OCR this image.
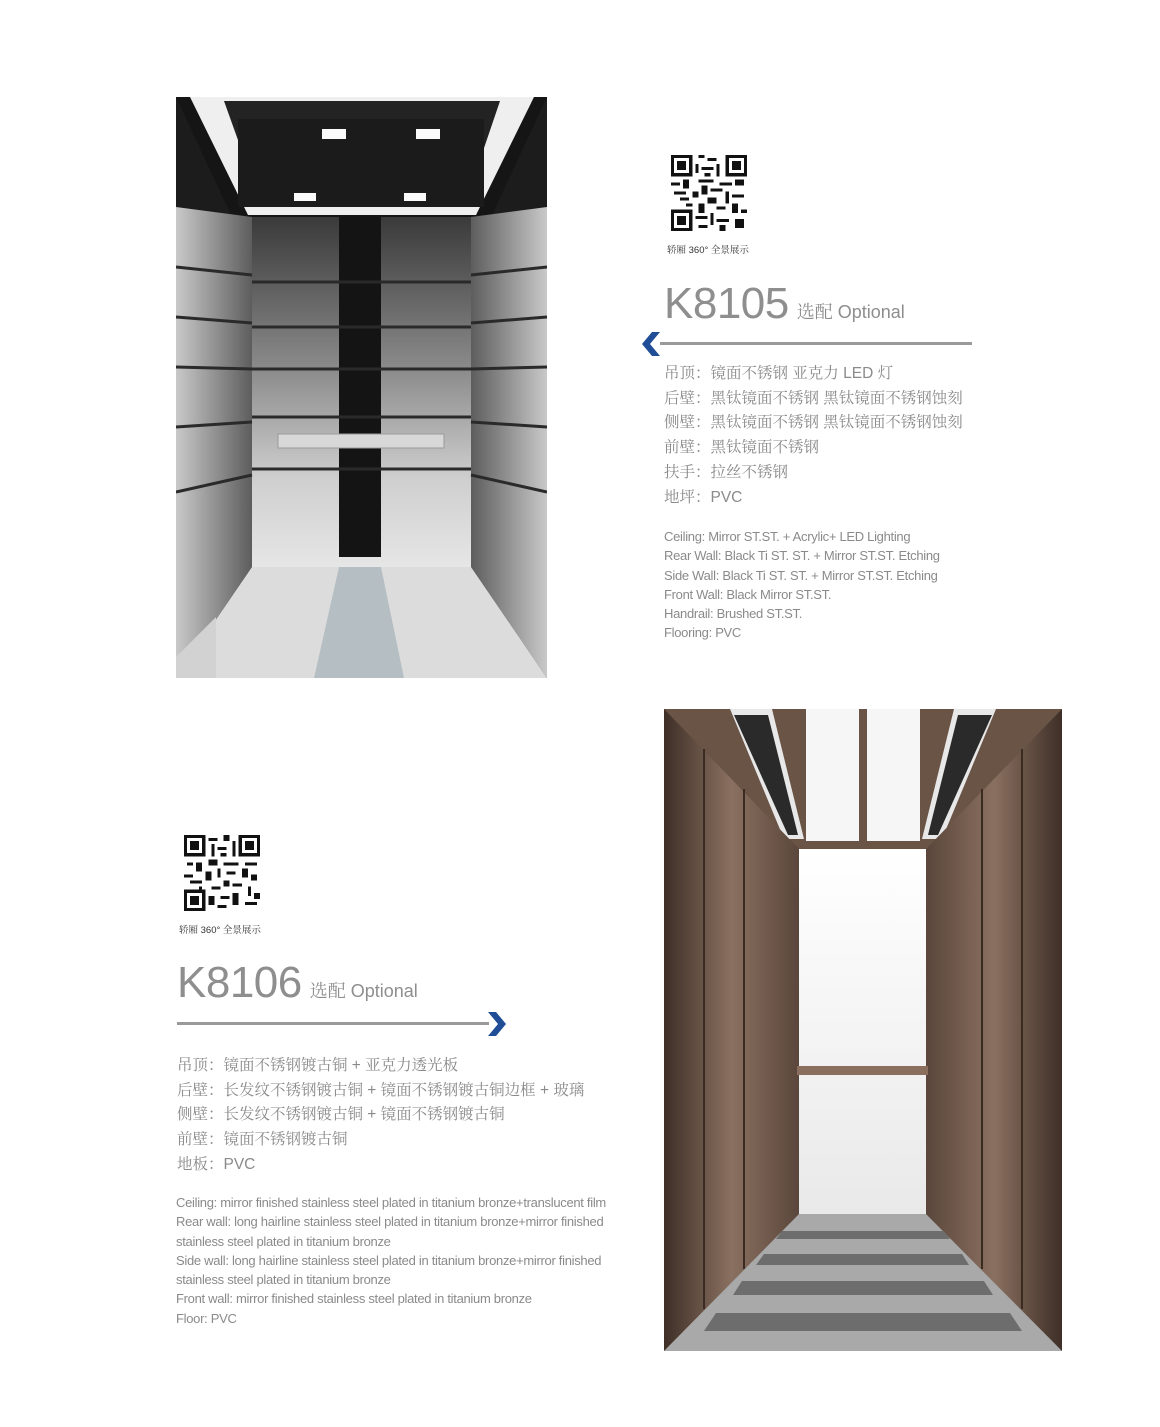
轿厢 360° 全景展示
K8105 选配 Optional
吊顶：镜面不锈钢 亚克力 LED 灯
后壁：黑钛镜面不锈钢 黑钛镜面不锈钢蚀刻
侧壁：黑钛镜面不锈钢 黑钛镜面不锈钢蚀刻
前壁：黑钛镜面不锈钢
扶手：拉丝不锈钢
地坪：PVC
Ceiling: Mirror ST.ST. + Acrylic+ LED Lighting
Rear Wall: Black Ti ST. ST. + Mirror ST.ST. Etching
Side Wall: Black Ti ST. ST. + Mirror ST.ST. Etching
Front Wall: Black Mirror ST.ST.
Handrail: Brushed ST.ST.
Flooring: PVC
轿厢 360° 全景展示
K8106 选配 Optional
吊顶：镜面不锈钢镀古铜 + 亚克力透光板
后壁：长发纹不锈钢镀古铜 + 镜面不锈钢镀古铜边框 + 玻璃
侧壁：长发纹不锈钢镀古铜 + 镜面不锈钢镀古铜
前壁：镜面不锈钢镀古铜
地板：PVC
Ceiling: mirror finished stainless steel plated in titanium bronze+translucent film
Rear wall: long hairline stainless steel plated in titanium bronze+mirror finished stainless steel plated in titanium bronze
Side wall: long hairline stainless steel plated in titanium bronze+mirror finished stainless steel plated in titanium bronze
Front wall: mirror finished stainless steel plated in titanium bronze
Floor: PVC
